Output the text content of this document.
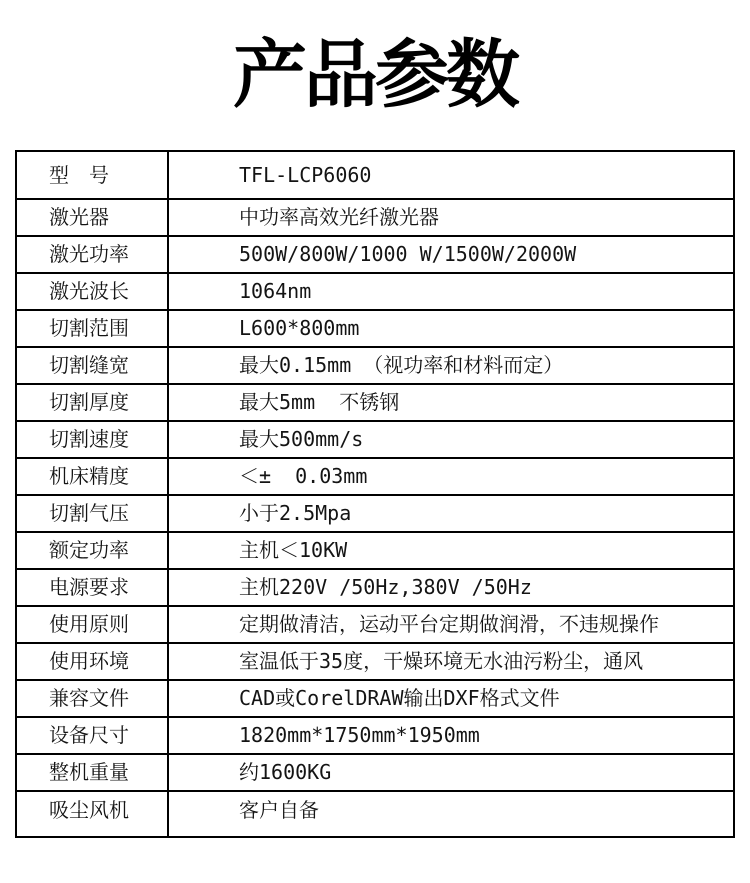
产品参数
型　号	TFL-LCP6060
激光器	中功率高效光纤激光器
激光功率	500W/800W/1000 W/1500W/2000W
激光波长	1064nm
切割范围	L600*800mm
切割缝宽	最大0.15mm （视功率和材料而定）
切割厚度	最大5mm  不锈钢
切割速度	最大500mm/s
机床精度	＜±  0.03mm
切割气压	小于2.5Mpa
额定功率	主机＜10KW
电源要求	主机220V /50Hz,380V /50Hz
使用原则	定期做清洁，运动平台定期做润滑，不违规操作
使用环境	室温低于35度，干燥环境无水油污粉尘，通风
兼容文件	CAD或CorelDRAW输出DXF格式文件
设备尺寸	1820mm*1750mm*1950mm
整机重量	约1600KG
吸尘风机	客户自备
